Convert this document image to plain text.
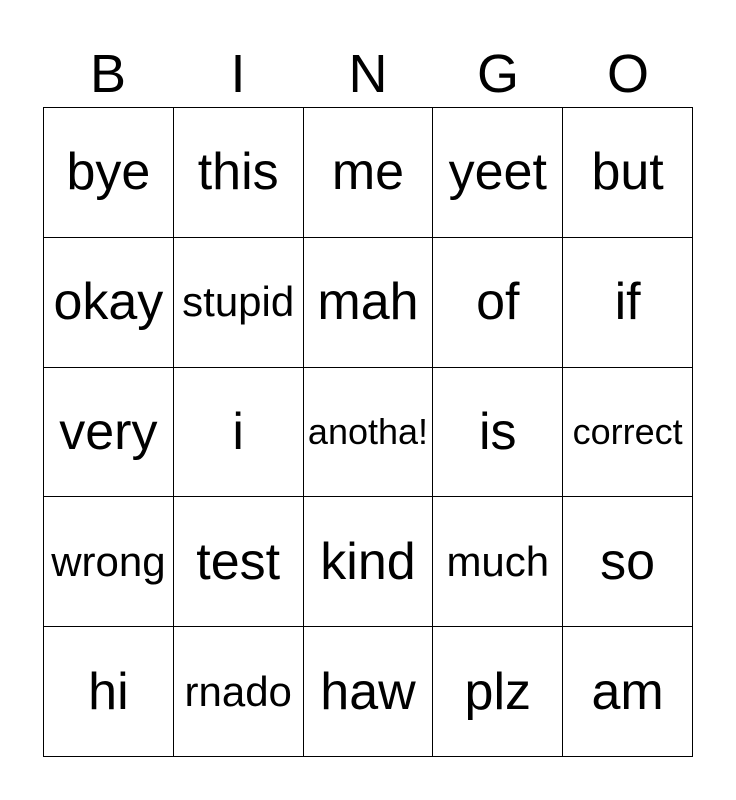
B	I	N	G	O
bye this	me yeet but
okay stupid mah	of	if
very	i	anotha! is	correct
wrong test kind much so
hi	rnado haw plz	am
